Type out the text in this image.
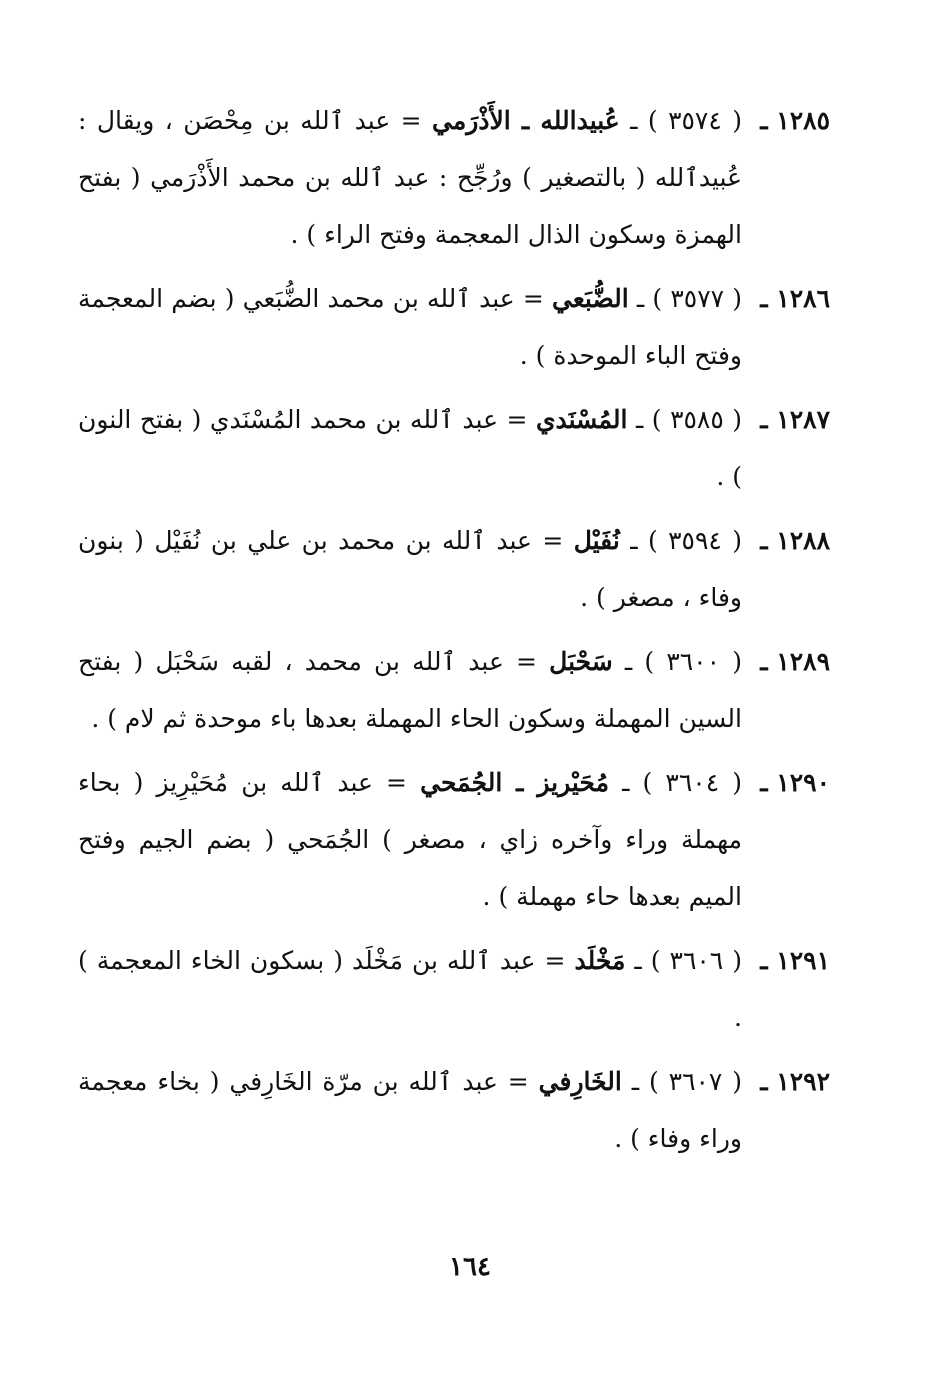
١٢٨٥ ـ
( ٣٥٧٤ ) ـ عُبيدالله ـ الأَذْرَمي = عبد ٱلله بن مِحْصَن ، ويقال : عُبيدٱلله ( بالتصغير ) ورُجِّح : عبد ٱلله بن محمد الأَذْرَمي ( بفتح الهمزة وسكون الذال المعجمة وفتح الراء ) .
١٢٨٦ ـ
( ٣٥٧٧ ) ـ الضُّبَعي = عبد ٱلله بن محمد الضُّبَعي ( بضم المعجمة وفتح الباء الموحدة ) .
١٢٨٧ ـ
( ٣٥٨٥ ) ـ المُسْنَدي = عبد ٱلله بن محمد المُسْنَدي ( بفتح النون ) .
١٢٨٨ ـ
( ٣٥٩٤ ) ـ نُفَيْل = عبد ٱلله بن محمد بن علي بن نُفَيْل ( بنون وفاء ، مصغر ) .
١٢٨٩ ـ
( ٣٦٠٠ ) ـ سَحْبَل = عبد ٱلله بن محمد ، لقبه سَحْبَل ( بفتح السين المهملة وسكون الحاء المهملة بعدها باء موحدة ثم لام ) .
١٢٩٠ ـ
( ٣٦٠٤ ) ـ مُحَيْريز ـ الجُمَحي = عبد ٱلله بن مُحَيْرِيز ( بحاء مهملة وراء وآخره زاي ، مصغر ) الجُمَحي ( بضم الجيم وفتح الميم بعدها حاء مهملة ) .
١٢٩١ ـ
( ٣٦٠٦ ) ـ مَخْلَد = عبد ٱلله بن مَخْلَد ( بسكون الخاء المعجمة ) .
١٢٩٢ ـ
( ٣٦٠٧ ) ـ الخَارِفي = عبد ٱلله بن مرّة الخَارِفي ( بخاء معجمة وراء وفاء ) .
١٦٤
